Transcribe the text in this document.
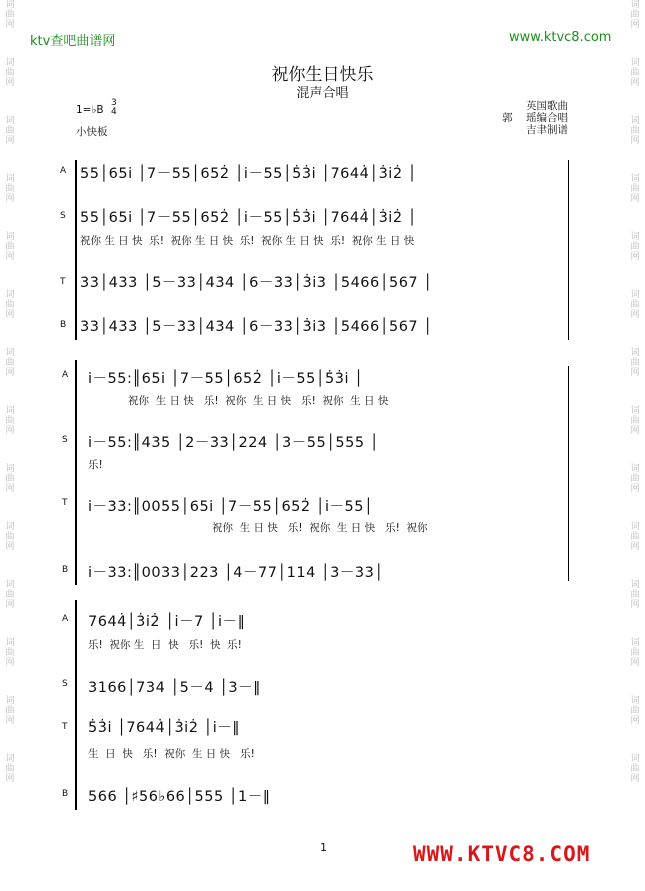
词
曲
网
词
曲
网
词
曲
网
词
曲
网
词
曲
网
词
曲
网
词
曲
网
词
曲
网
词
曲
网
词
曲
网
词
曲
网
词
曲
网
词
曲
网
词
曲
网
词
曲
网
词
曲
网
词
曲
网
词
曲
网
词
曲
网
词
曲
网
词
曲
网
词
曲
网
词
曲
网
词
曲
网
词
曲
网
词
曲
网
词
曲
网
词
曲
网
ktv查吧曲谱网	www.ktvc8.com
祝你生日快乐
混声合唱
1=♭B
3
4
小快板
英国歌曲
郭 瑶编合唱
吉聿制谱
A 55│65i │7－55│652̇ │i－55│5̇3̇i │7644̇│3̇i2̇ │
S 55│65i │7－55│652̇ │i－55│5̇3̇i │7644̇│3̇i2̇ │
祝你 生 日 快  乐!  祝你 生 日 快  乐!  祝你 生 日 快  乐!  祝你 生 日 快
T 33│433 │5－33│434 │6－33│3̇i3 │5466│567 │
B 33│433 │5－33│434 │6－33│3̇i3 │5466│567 │
A i－55:║65i │7－55│652̇ │i－55│5̇3̇i │
祝你  生 日 快   乐!  祝你  生 日 快   乐!  祝你  生 日 快
S i－55:║435 │2－33│224 │3－55│555 │
乐!
T i－33:║0055│65i │7－55│652̇ │i－55│
祝你  生 日 快   乐!  祝你  生 日 快   乐!  祝你
B i－33:║0033│223 │4－77│114 │3－33│
A 7644̇│3̇i2̇ │i－7 │i－‖
乐!  祝你 生  日  快   乐!  快  乐!
S 3166│734 │5－4 │3－‖
T 5̇3̇i │7644̇│3̇i2̇ │i－‖
生  日  快   乐!  祝你  生 日 快   乐!
B 566 │♯56♭66│555 │1－‖
1	WWW.KTVC8.COM
